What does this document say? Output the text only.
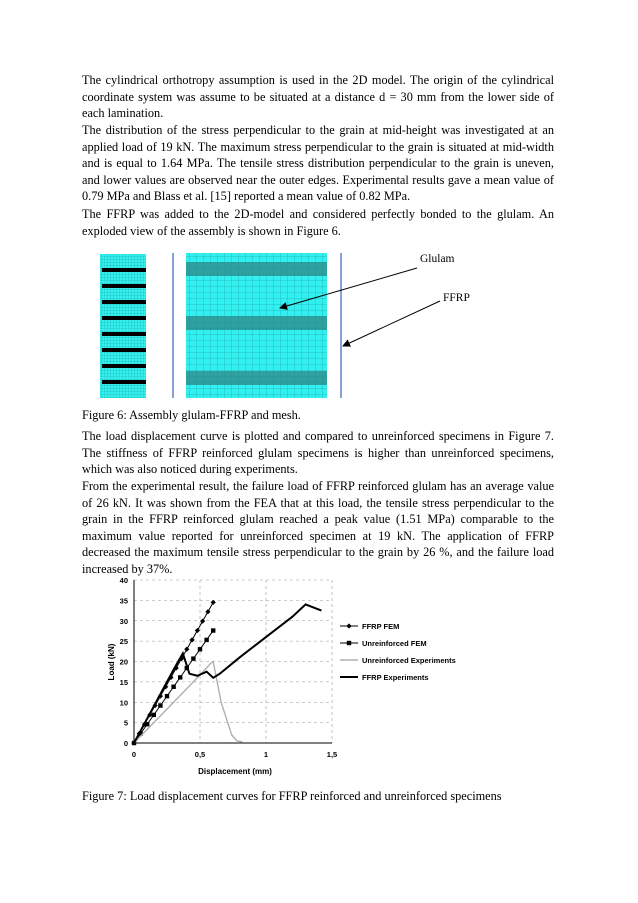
The cylindrical orthotropy assumption is used in the 2D model. The origin of the cylindrical coordinate system was assume to be situated at a distance d = 30 mm from the lower side of each lamination.

The distribution of the stress perpendicular to the grain at mid-height was investigated at an applied load of 19 kN. The maximum stress perpendicular to the grain is situated at mid-width and is equal to 1.64 MPa. The tensile stress distribution perpendicular to the grain is uneven, and lower values are observed near the outer edges. Experimental results gave a mean value of 0.79 MPa and Blass et al. [15] reported a mean value of 0.82 MPa.

The FFRP was added to the 2D-model and considered perfectly bonded to the glulam. An exploded view of the assembly is shown in Figure 6.

Glulam
FFRP

Figure 6: Assembly glulam-FFRP and mesh.

The load displacement curve is plotted and compared to unreinforced specimens in Figure 7. The stiffness of FFRP reinforced glulam specimens is higher than unreinforced specimens, which was also noticed during experiments.

From the experimental result, the failure load of FFRP reinforced glulam has an average value of 26 kN. It was shown from the FEA that at this load, the tensile stress perpendicular to the grain in the FFRP reinforced glulam reached a peak value (1.51 MPa) comparable to the maximum value reported for unreinforced specimen at 19 kN. The application of FFRP decreased the maximum tensile stress perpendicular to the grain by 26 %, and the failure load increased by 37%.

0
5
10
15
20
25
30
35
40
0	0,5	1	1,5
Displacement (mm)
Load (kN)
FFRP FEM
Unreinforced FEM
Unreinforced Experiments
FFRP Experiments

Figure 7: Load displacement curves for FFRP reinforced and unreinforced specimens
